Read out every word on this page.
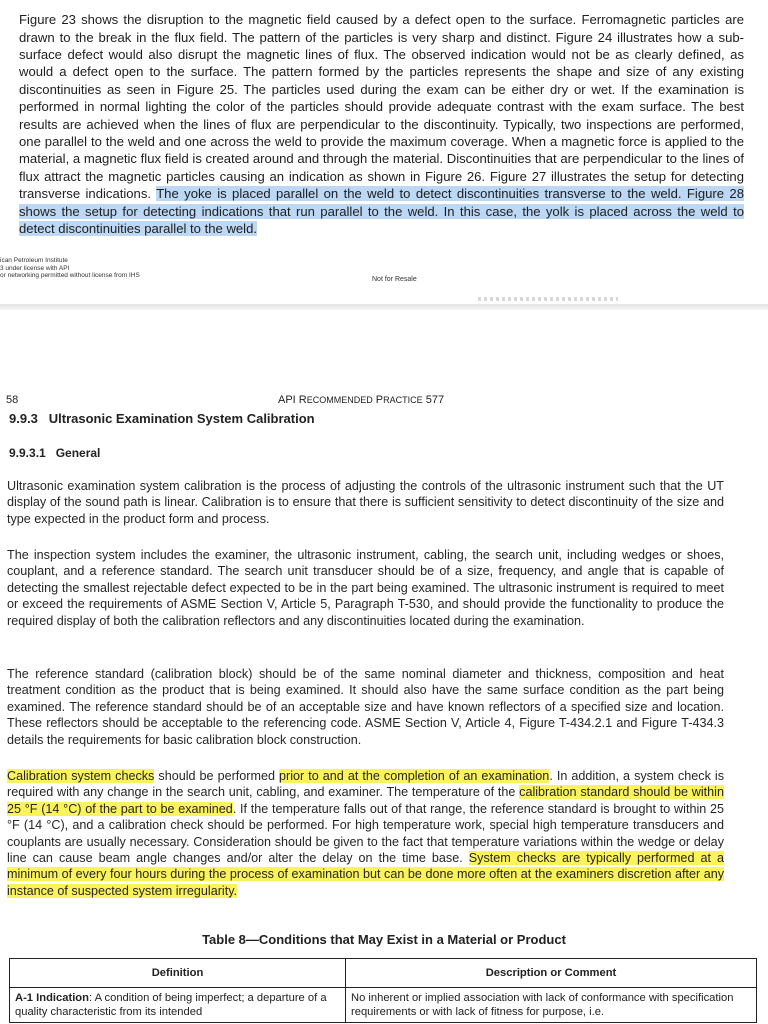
Figure 23 shows the disruption to the magnetic field caused by a defect open to the surface. Ferromagnetic particles are drawn to the break in the flux field. The pattern of the particles is very sharp and distinct. Figure 24 illustrates how a sub-surface defect would also disrupt the magnetic lines of flux. The observed indication would not be as clearly defined, as would a defect open to the surface. The pattern formed by the particles represents the shape and size of any existing discontinuities as seen in Figure 25. The particles used during the exam can be either dry or wet. If the examination is performed in normal lighting the color of the particles should provide adequate contrast with the exam surface. The best results are achieved when the lines of flux are perpendicular to the discontinuity. Typically, two inspections are performed, one parallel to the weld and one across the weld to provide the maximum coverage. When a magnetic force is applied to the material, a magnetic flux field is created around and through the material. Discontinuities that are perpendicular to the lines of flux attract the magnetic particles causing an indication as shown in Figure 26. Figure 27 illustrates the setup for detecting transverse indications. The yoke is placed parallel on the weld to detect discontinuities transverse to the weld. Figure 28 shows the setup for detecting indications that run parallel to the weld. In this case, the yolk is placed across the weld to detect discontinuities parallel to the weld.

ican Petroleum Institute
3 under license with API
or networking permitted without license from IHS
Not for Resale
58	API RECOMMENDED PRACTICE 577
9.9.3   Ultrasonic Examination System Calibration
9.9.3.1   General

Ultrasonic examination system calibration is the process of adjusting the controls of the ultrasonic instrument such that the UT display of the sound path is linear. Calibration is to ensure that there is sufficient sensitivity to detect discontinuity of the size and type expected in the product form and process.

The inspection system includes the examiner, the ultrasonic instrument, cabling, the search unit, including wedges or shoes, couplant, and a reference standard. The search unit transducer should be of a size, frequency, and angle that is capable of detecting the smallest rejectable defect expected to be in the part being examined. The ultrasonic instrument is required to meet or exceed the requirements of ASME Section V, Article 5, Paragraph T-530, and should provide the functionality to produce the required display of both the calibration reflectors and any discontinuities located during the examination.

The reference standard (calibration block) should be of the same nominal diameter and thickness, composition and heat treatment condition as the product that is being examined. It should also have the same surface condition as the part being examined. The reference standard should be of an acceptable size and have known reflectors of a specified size and location. These reflectors should be acceptable to the referencing code. ASME Section V, Article 4, Figure T-434.2.1 and Figure T-434.3 details the requirements for basic calibration block construction.

Calibration system checks should be performed prior to and at the completion of an examination. In addition, a system check is required with any change in the search unit, cabling, and examiner. The temperature of the calibration standard should be within 25 °F (14 °C) of the part to be examined. If the temperature falls out of that range, the reference standard is brought to within 25 °F (14 °C), and a calibration check should be performed. For high temperature work, special high temperature transducers and couplants are usually necessary. Consideration should be given to the fact that temperature variations within the wedge or delay line can cause beam angle changes and/or alter the delay on the time base. System checks are typically performed at a minimum of every four hours during the process of examination but can be done more often at the examiners discretion after any instance of suspected system irregularity.

Table 8—Conditions that May Exist in a Material or Product
Definition	Description or Comment
A-1 Indication: A condition of being imperfect; a departure of a quality characteristic from its intended	No inherent or implied association with lack of conformance with specification requirements or with lack of fitness for purpose, i.e.
